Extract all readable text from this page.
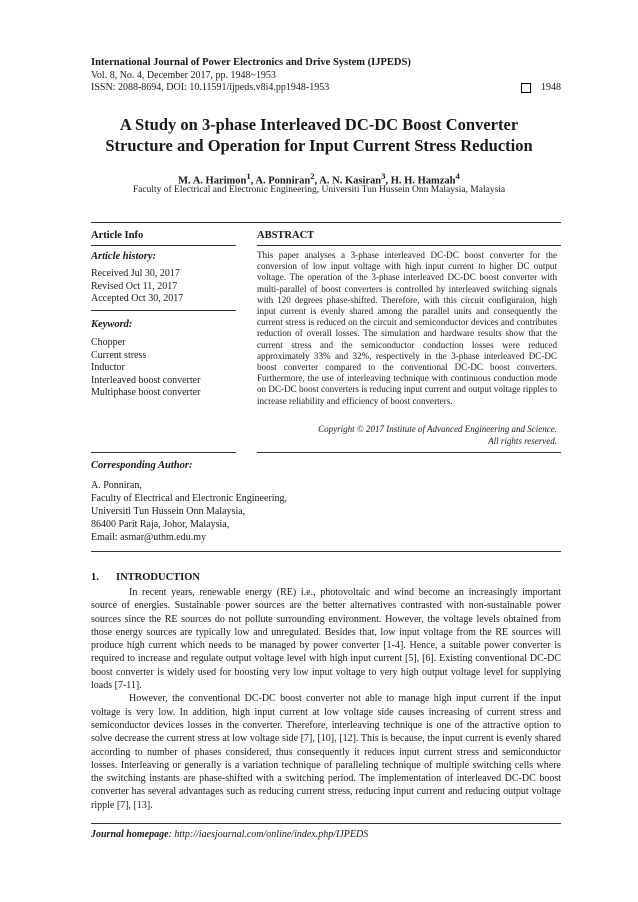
International Journal of Power Electronics and Drive System (IJPEDS)
Vol. 8, No. 4, December 2017, pp. 1948~1953
ISSN: 2088-8694, DOI: 10.11591/ijpeds.v8i4.pp1948-1953	1948
A Study on 3-phase Interleaved DC-DC Boost Converter
Structure and Operation for Input Current Stress Reduction
M. A. Harimon$^1$, A. Ponniran$^2$, A. N. Kasiran$^3$, H. H. Hamzah$^4$
Faculty of Electrical and Electronic Engineering, Universiti Tun Hussein Onn Malaysia, Malaysia
Article Info	ABSTRACT
Article history:
Received Jul 30, 2017
Revised Oct 11, 2017
Accepted Oct 30, 2017
Keyword:
Chopper
Current stress
Inductor
Interleaved boost converter
Multiphase boost converter
This paper analyses a 3-phase interleaved DC-DC boost converter for the conversion of low input voltage with high input current to higher DC output voltage. The operation of the 3-phase interleaved DC-DC boost converter with multi-parallel of boost converters is controlled by interleaved switching signals with 120 degrees phase-shifted. Therefore, with this circuit configuraion, high input current is evenly shared among the parallel units and consequently the current stress is reduced on the circuit and semiconductor devices and contributes reduction of overall losses. The simulation and hardware results show that the current stress and the semiconductor conduction losses were reduced approximately 33% and 32%, respectively in the 3-phase interleaved DC-DC boost converter compared to the conventional DC-DC boost converters. Furthermore, the use of interleaving technique with continuous conduction mode on DC-DC boost converters is reducing input current and output voltage ripples to increase reliability and efficiency of boost converters.
Copyright © 2017 Institute of Advanced Engineering and Science.
All rights reserved.
Corresponding Author:
A. Ponniran,
Faculty of Electrical and Electronic Engineering,
Universiti Tun Hussein Onn Malaysia,
86400 Parit Raja, Johor, Malaysia,
Email: asmar@uthm.edu.my
1. INTRODUCTION

In recent years, renewable energy (RE) i.e., photovoltaic and wind become an increasingly important source of energies. Sustainable power sources are the better alternatives contrasted with non-sustainable power sources since the RE sources do not pollute surrounding environment. However, the voltage levels obtained from those energy sources are typically low and unregulated. Besides that, low input voltage from the RE sources will produce high current which needs to be managed by power converter [1-4]. Hence, a suitable power converter is required to increase and regulate output voltage level with high input current [5], [6]. Existing conventional DC-DC boost converter is widely used for boosting very low input voltage to very high output voltage level for supplying loads [7-11].

However, the conventional DC-DC boost converter not able to manage high input current if the input voltage is very low. In addition, high input current at low voltage side causes increasing of current stress and semiconductor devices losses in the converter. Therefore, interleaving technique is one of the attractive option to solve decrease the current stress at low voltage side [7], [10], [12]. This is because, the input current is evenly shared according to number of phases considered, thus consequently it reduces input current stress and semiconductor losses. Interleaving or generally is a variation technique of paralleling technique of multiple switching cells where the switching instants are phase-shifted with a switching period. The implementation of interleaved DC-DC boost converter has several advantages such as reducing current stress, reducing input current and reducing output voltage ripple [7], [13].

Journal homepage: http://iaesjournal.com/online/index.php/IJPEDS
